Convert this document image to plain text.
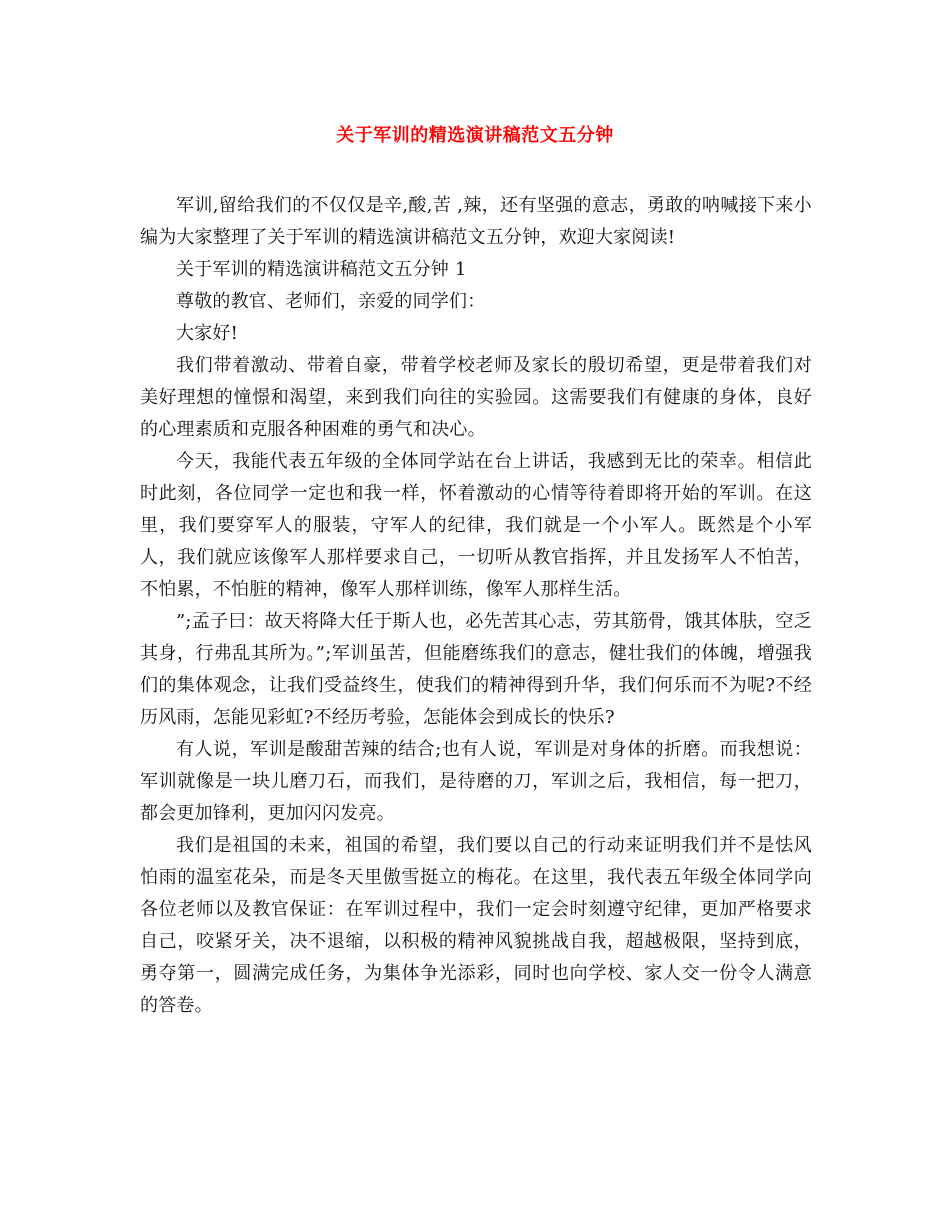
关于军训的精选演讲稿范文五分钟

军训,留给我们的不仅仅是辛,酸,苦 ,辣，还有坚强的意志，勇敢的呐喊接下来小编为大家整理了关于军训的精选演讲稿范文五分钟，欢迎大家阅读!

关于军训的精选演讲稿范文五分钟 1

尊敬的教官、老师们，亲爱的同学们：

大家好!

我们带着激动、带着自豪，带着学校老师及家长的殷切希望，更是带着我们对美好理想的憧憬和渴望，来到我们向往的实验园。这需要我们有健康的身体，良好的心理素质和克服各种困难的勇气和决心。

今天，我能代表五年级的全体同学站在台上讲话，我感到无比的荣幸。相信此时此刻，各位同学一定也和我一样，怀着激动的心情等待着即将开始的军训。在这里，我们要穿军人的服装，守军人的纪律，我们就是一个小军人。既然是个小军人，我们就应该像军人那样要求自己，一切听从教官指挥，并且发扬军人不怕苦，不怕累，不怕脏的精神，像军人那样训练，像军人那样生活。

”;孟子曰：故天将降大任于斯人也，必先苦其心志，劳其筋骨，饿其体肤，空乏其身，行弗乱其所为。”;军训虽苦，但能磨练我们的意志，健壮我们的体魄，增强我们的集体观念，让我们受益终生，使我们的精神得到升华，我们何乐而不为呢?不经历风雨，怎能见彩虹?不经历考验，怎能体会到成长的快乐?

有人说，军训是酸甜苦辣的结合;也有人说，军训是对身体的折磨。而我想说：军训就像是一块儿磨刀石，而我们，是待磨的刀，军训之后，我相信，每一把刀，都会更加锋利，更加闪闪发亮。

我们是祖国的未来，祖国的希望，我们要以自己的行动来证明我们并不是怯风怕雨的温室花朵，而是冬天里傲雪挺立的梅花。在这里，我代表五年级全体同学向各位老师以及教官保证：在军训过程中，我们一定会时刻遵守纪律，更加严格要求自己，咬紧牙关，决不退缩，以积极的精神风貌挑战自我，超越极限，坚持到底，勇夺第一，圆满完成任务，为集体争光添彩，同时也向学校、家人交一份令人满意的答卷。
